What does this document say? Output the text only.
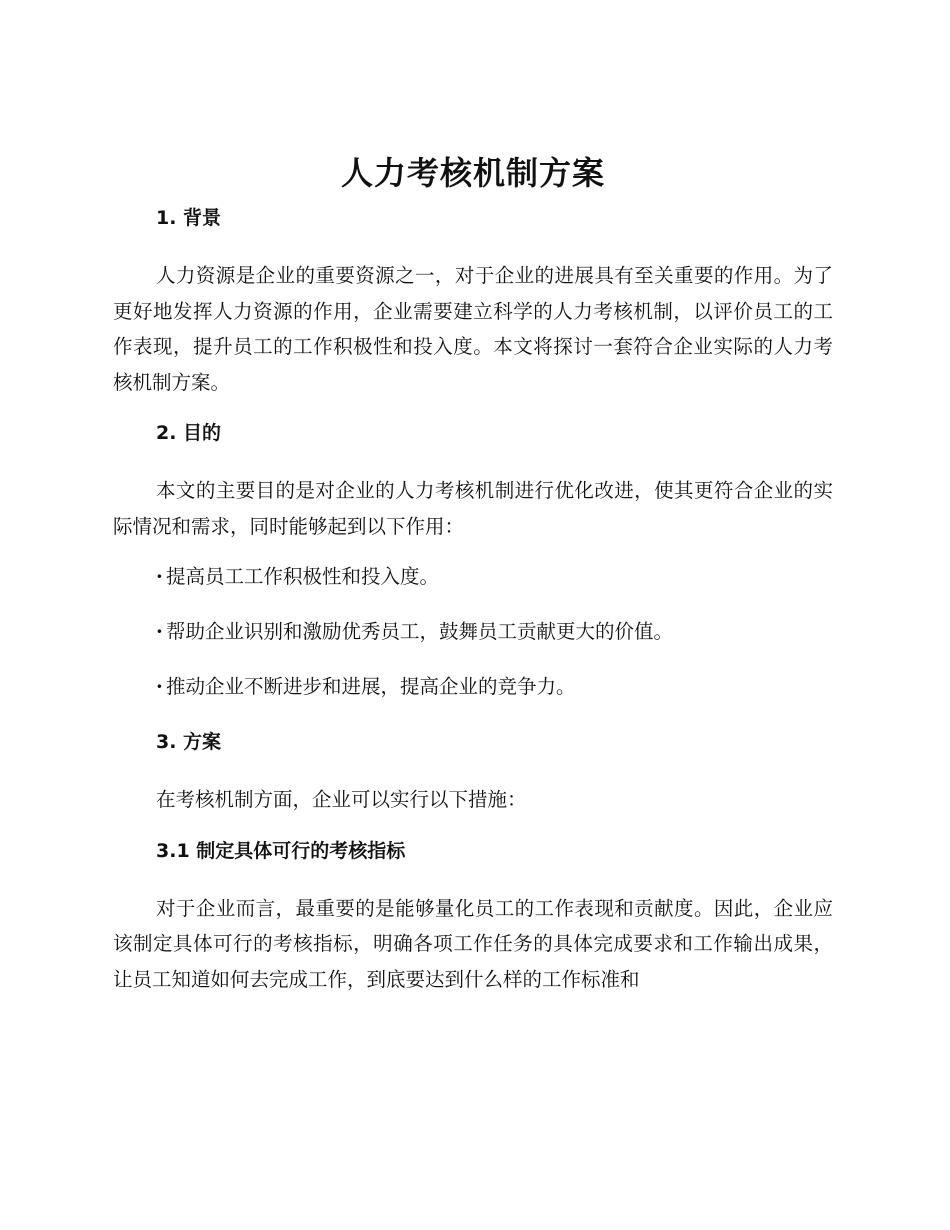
人力考核机制方案
1. 背景

人力资源是企业的重要资源之一，对于企业的进展具有至关重要的作用。为了更好地发挥人力资源的作用，企业需要建立科学的人力考核机制，以评价员工的工作表现，提升员工的工作积极性和投入度。本文将探讨一套符合企业实际的人力考核机制方案。

2. 目的

本文的主要目的是对企业的人力考核机制进行优化改进，使其更符合企业的实际情况和需求，同时能够起到以下作用：

· 提高员工工作积极性和投入度。
· 帮助企业识别和激励优秀员工，鼓舞员工贡献更大的价值。
· 推动企业不断进步和进展，提高企业的竞争力。
3. 方案

在考核机制方面，企业可以实行以下措施：

3.1 制定具体可行的考核指标

对于企业而言，最重要的是能够量化员工的工作表现和贡献度。因此，企业应该制定具体可行的考核指标，明确各项工作任务的具体完成要求和工作输出成果，让员工知道如何去完成工作，到底要达到什么样的工作标准和
